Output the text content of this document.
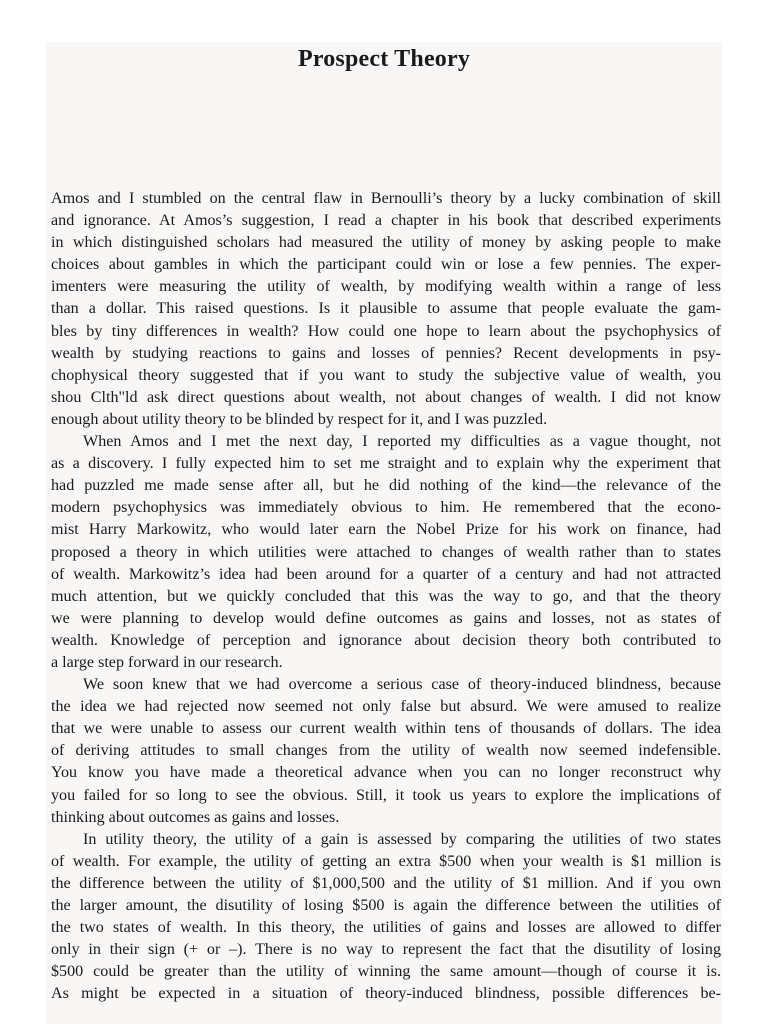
Prospect Theory
Amos and I stumbled on the central flaw in Bernoulli’s theory by a lucky combination of skill
and ignorance. At Amos’s suggestion, I read a chapter in his book that described experiments
in which distinguished scholars had measured the utility of money by asking people to make
choices about gambles in which the participant could win or lose a few pennies. The exper-
imenters were measuring the utility of wealth, by modifying wealth within a range of less
than a dollar. This raised questions. Is it plausible to assume that people evaluate the gam-
bles by tiny differences in wealth? How could one hope to learn about the psychophysics of
wealth by studying reactions to gains and losses of pennies? Recent developments in psy-
chophysical theory suggested that if you want to study the subjective value of wealth, you
shou Clth"ld ask direct questions about wealth, not about changes of wealth. I did not know
enough about utility theory to be blinded by respect for it, and I was puzzled.
When Amos and I met the next day, I reported my difficulties as a vague thought, not
as a discovery. I fully expected him to set me straight and to explain why the experiment that
had puzzled me made sense after all, but he did nothing of the kind—the relevance of the
modern psychophysics was immediately obvious to him. He remembered that the econo-
mist Harry Markowitz, who would later earn the Nobel Prize for his work on finance, had
proposed a theory in which utilities were attached to changes of wealth rather than to states
of wealth. Markowitz’s idea had been around for a quarter of a century and had not attracted
much attention, but we quickly concluded that this was the way to go, and that the theory
we were planning to develop would define outcomes as gains and losses, not as states of
wealth. Knowledge of perception and ignorance about decision theory both contributed to
a large step forward in our research.
We soon knew that we had overcome a serious case of theory-induced blindness, because
the idea we had rejected now seemed not only false but absurd. We were amused to realize
that we were unable to assess our current wealth within tens of thousands of dollars. The idea
of deriving attitudes to small changes from the utility of wealth now seemed indefensible.
You know you have made a theoretical advance when you can no longer reconstruct why
you failed for so long to see the obvious. Still, it took us years to explore the implications of
thinking about outcomes as gains and losses.
In utility theory, the utility of a gain is assessed by comparing the utilities of two states
of wealth. For example, the utility of getting an extra $500 when your wealth is $1 million is
the difference between the utility of $1,000,500 and the utility of $1 million. And if you own
the larger amount, the disutility of losing $500 is again the difference between the utilities of
the two states of wealth. In this theory, the utilities of gains and losses are allowed to differ
only in their sign (+ or –). There is no way to represent the fact that the disutility of losing
$500 could be greater than the utility of winning the same amount—though of course it is.
As might be expected in a situation of theory-induced blindness, possible differences be-
